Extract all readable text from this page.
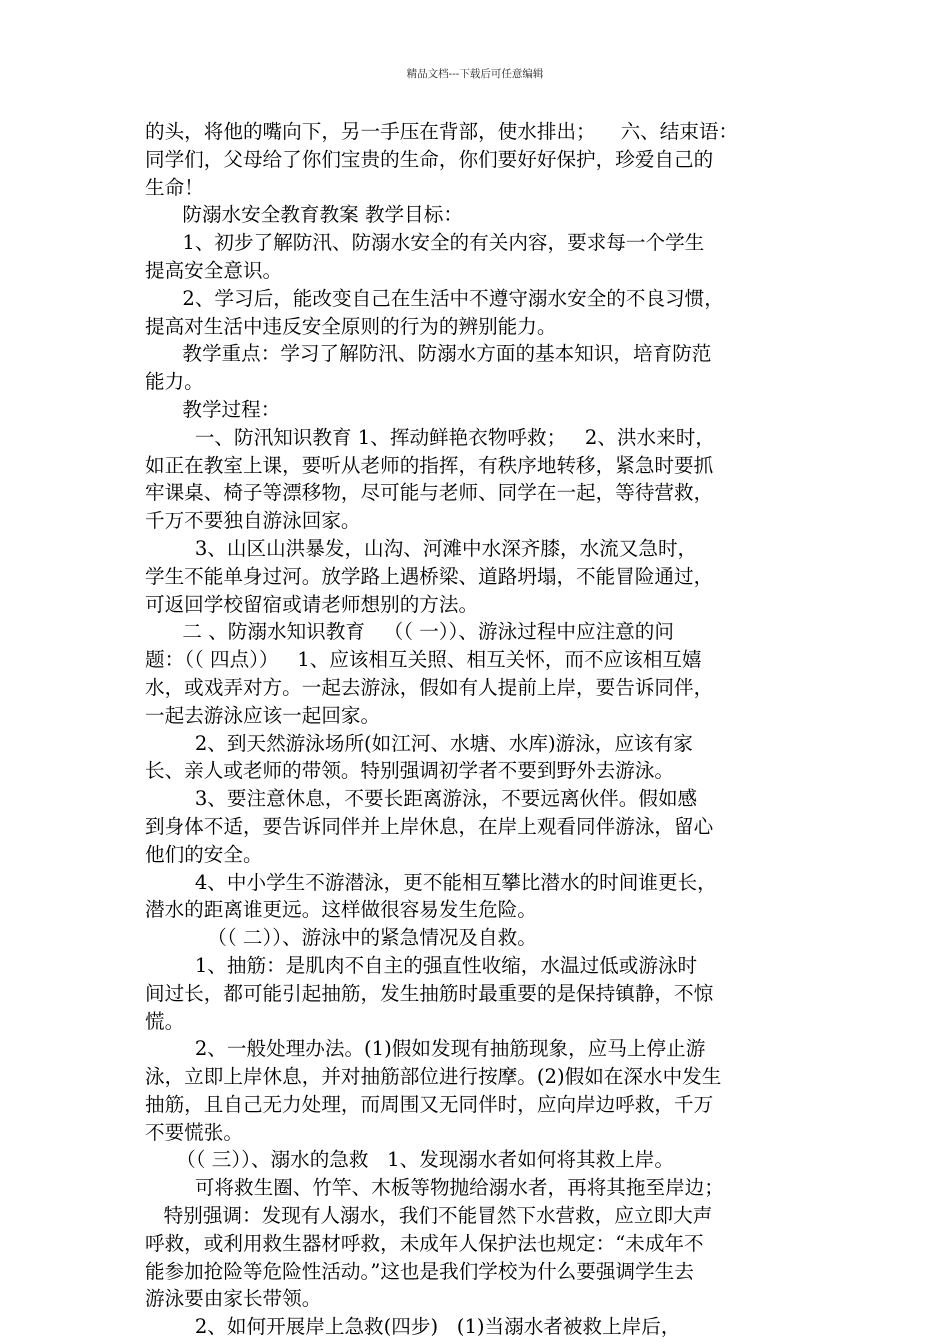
精品文档---下载后可任意编辑
的头，将他的嘴向下，另一手压在背部，使水排出；    六、结束语：
同学们，父母给了你们宝贵的生命，你们要好好保护，珍爱自己的
生命！
防溺水安全教育教案 教学目标：
1、初步了解防汛、防溺水安全的有关内容，要求每一个学生
提高安全意识。
2、学习后，能改变自己在生活中不遵守溺水安全的不良习惯，
提高对生活中违反安全原则的行为的辨别能力。
教学重点：学习了解防汛、防溺水方面的基本知识，培育防范
能力。
教学过程：
一、防汛知识教育 1、挥动鲜艳衣物呼救；   2、洪水来时，
如正在教室上课，要听从老师的指挥，有秩序地转移，紧急时要抓
牢课桌、椅子等漂移物，尽可能与老师、同学在一起，等待营救，
千万不要独自游泳回家。
3、山区山洪暴发，山沟、河滩中水深齐膝，水流又急时，
学生不能单身过河。放学路上遇桥梁、道路坍塌，不能冒险通过，
可返回学校留宿或请老师想别的方法。
二 、防溺水知识教育   （（ 一））、游泳过程中应注意的问
题：（（ 四点））   1、应该相互关照、相互关怀，而不应该相互嬉
水，或戏弄对方。一起去游泳，假如有人提前上岸，要告诉同伴，
一起去游泳应该一起回家。
2、到天然游泳场所(如江河、水塘、水库)游泳，应该有家
长、亲人或老师的带领。特别强调初学者不要到野外去游泳。
3、要注意休息，不要长距离游泳，不要远离伙伴。假如感
到身体不适，要告诉同伴并上岸休息，在岸上观看同伴游泳，留心
他们的安全。
4、中小学生不游潜泳，更不能相互攀比潜水的时间谁更长，
潜水的距离谁更远。这样做很容易发生危险。
（（ 二））、游泳中的紧急情况及自救。
1、抽筋：是肌肉不自主的强直性收缩，水温过低或游泳时
间过长，都可能引起抽筋，发生抽筋时最重要的是保持镇静，不惊
慌。
2、一般处理办法。(1)假如发现有抽筋现象，应马上停止游
泳，立即上岸休息，并对抽筋部位进行按摩。(2)假如在深水中发生
抽筋，且自己无力处理，而周围又无同伴时，应向岸边呼救，千万
不要慌张。
（（ 三））、溺水的急救   1、发现溺水者如何将其救上岸。
可将救生圈、竹竿、木板等物抛给溺水者，再将其拖至岸边；
特别强调：发现有人溺水，我们不能冒然下水营救，应立即大声
呼救，或利用救生器材呼救，未成年人保护法也规定：“未成年不
能参加抢险等危险性活动。”这也是我们学校为什么要强调学生去
游泳要由家长带领。
2、如何开展岸上急救(四步)   (1)当溺水者被救上岸后，
